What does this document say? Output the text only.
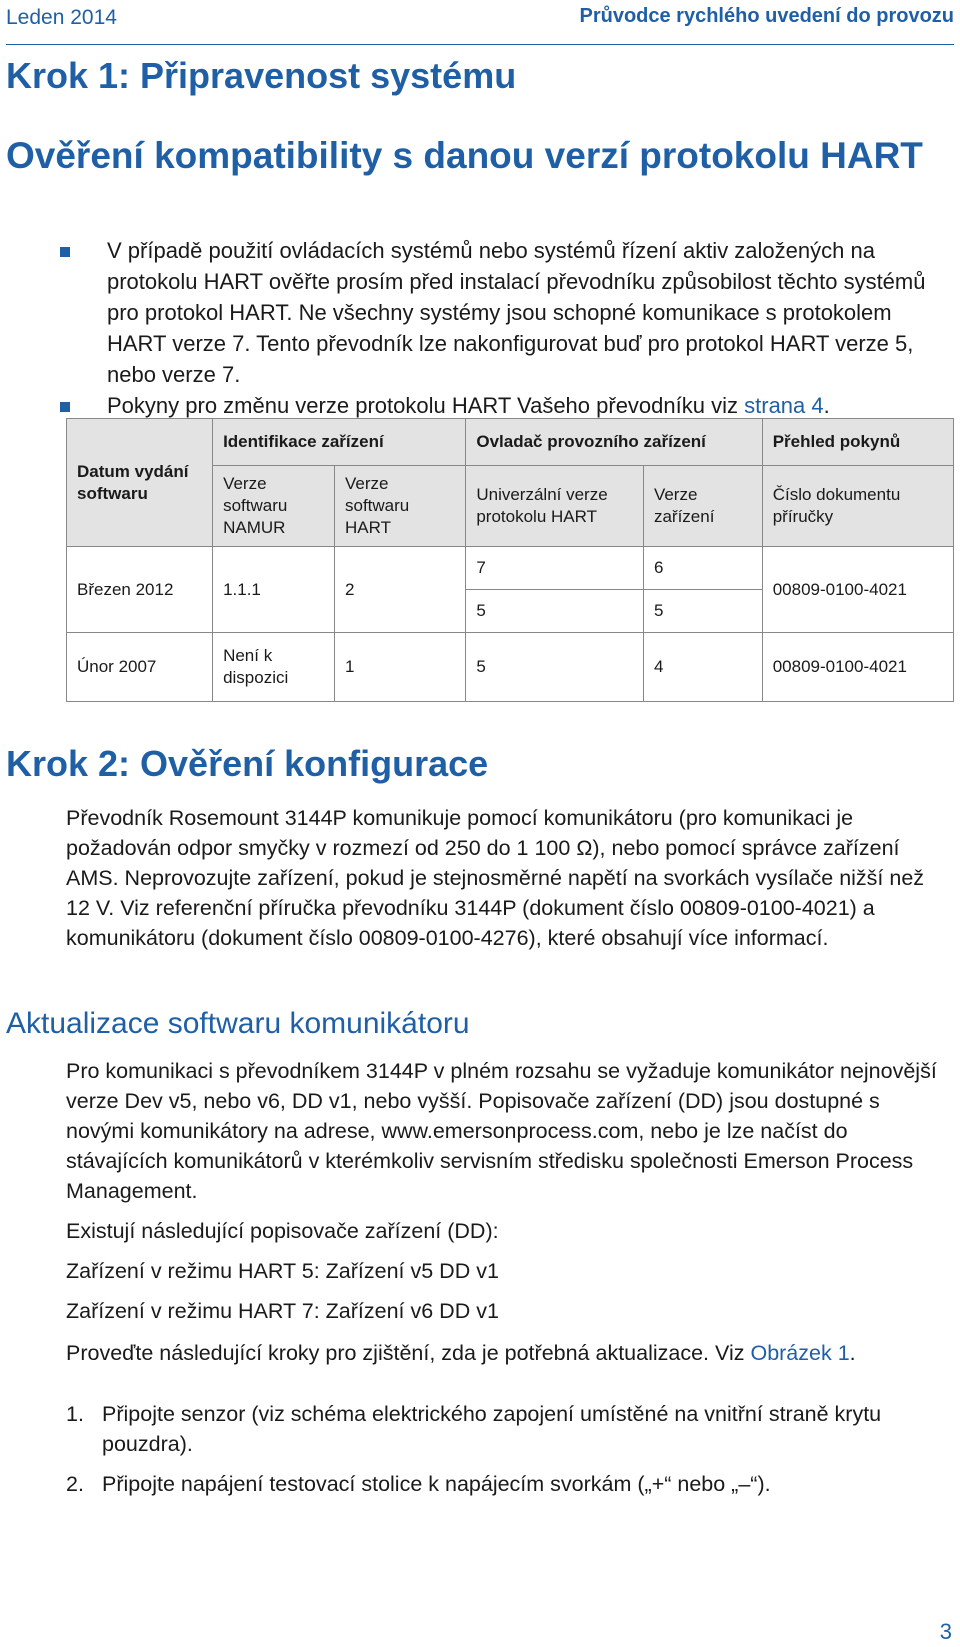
Leden 2014	Průvodce rychlého uvedení do provozu
Krok 1: Připravenost systému
Ověření kompatibility s danou verzí protokolu HART
V případě použití ovládacích systémů nebo systémů řízení aktiv založených na protokolu HART ověřte prosím před instalací převodníku způsobilost těchto systémů pro protokol HART. Ne všechny systémy jsou schopné komunikace s protokolem HART verze 7. Tento převodník lze nakonfigurovat buď pro protokol HART verze 5, nebo verze 7.
Pokyny pro změnu verze protokolu HART Vašeho převodníku viz strana 4.
Datum vydání softwaru	Identifikace zařízení		Ovladač provozního zařízení		Přehled pokynů
	Verze softwaru NAMUR	Verze softwaru HART	Univerzální verze protokolu HART	Verze zařízení	Číslo dokumentu příručky
Březen 2012	1.1.1	2	7	6	00809-0100-4021
			5	5	
Únor 2007	Není k dispozici	1	5	4	00809-0100-4021
Krok 2: Ověření konfigurace
Převodník Rosemount 3144P komunikuje pomocí komunikátoru (pro komunikaci je požadován odpor smyčky v rozmezí od 250 do 1 100 Ω), nebo pomocí správce zařízení AMS. Neprovozujte zařízení, pokud je stejnosměrné napětí na svorkách vysílače nižší než 12 V. Viz referenční příručka převodníku 3144P (dokument číslo 00809-0100-4021) a komunikátoru (dokument číslo 00809-0100-4276), které obsahují více informací.
Aktualizace softwaru komunikátoru
Pro komunikaci s převodníkem 3144P v plném rozsahu se vyžaduje komunikátor nejnovější verze Dev v5, nebo v6, DD v1, nebo vyšší. Popisovače zařízení (DD) jsou dostupné s novými komunikátory na adrese, www.emersonprocess.com, nebo je lze načíst do stávajících komunikátorů v kterémkoliv servisním středisku společnosti Emerson Process Management.
Existují následující popisovače zařízení (DD):
Zařízení v režimu HART 5: Zařízení v5 DD v1
Zařízení v režimu HART 7: Zařízení v6 DD v1
Proveďte následující kroky pro zjištění, zda je potřebná aktualizace. Viz Obrázek 1.
1. Připojte senzor (viz schéma elektrického zapojení umístěné na vnitřní straně krytu pouzdra).
2. Připojte napájení testovací stolice k napájecím svorkám („+“ nebo „–“).
3
